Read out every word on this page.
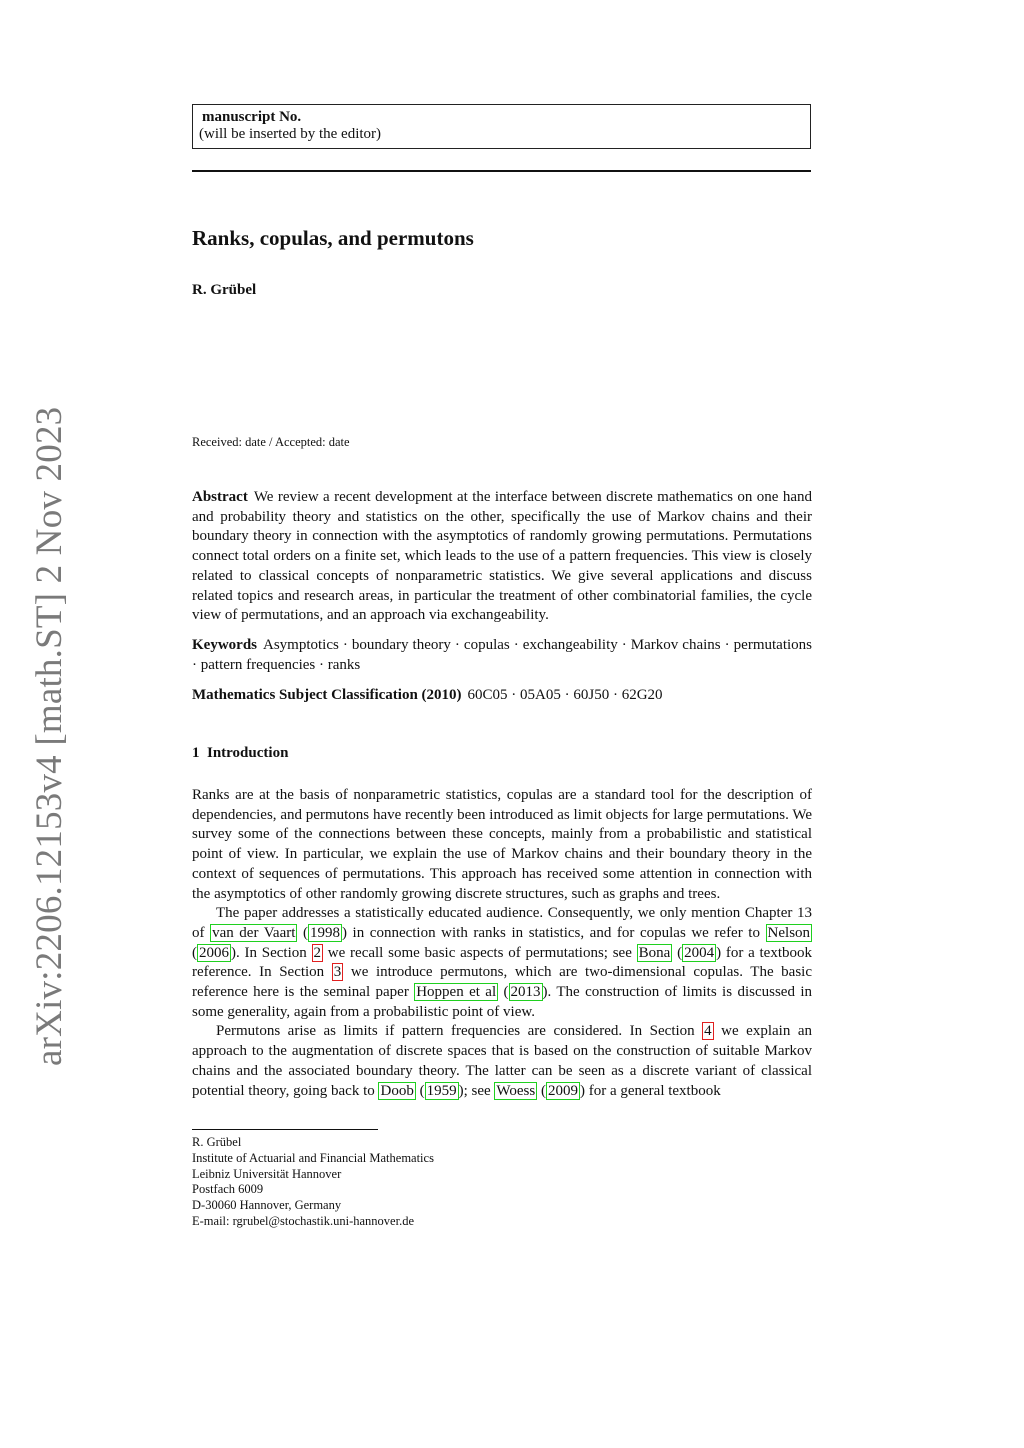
arXiv:2206.12153v4 [math.ST] 2 Nov 2023
manuscript No.
(will be inserted by the editor)
Ranks, copulas, and permutons
R. Grübel
Received: date / Accepted: date
Abstract We review a recent development at the interface between discrete mathematics on one hand and probability theory and statistics on the other, specifically the use of Markov chains and their boundary theory in connection with the asymptotics of randomly growing permutations. Permutations connect total orders on a finite set, which leads to the use of a pattern frequencies. This view is closely related to classical concepts of nonparametric statistics. We give several applications and discuss related topics and research areas, in particular the treatment of other combinatorial families, the cycle view of permutations, and an approach via exchangeability.
Keywords Asymptotics · boundary theory · copulas · exchangeability · Markov chains · permutations · pattern frequencies · ranks
Mathematics Subject Classification (2010) 60C05 · 05A05 · 60J50 · 62G20
1 Introduction

Ranks are at the basis of nonparametric statistics, copulas are a standard tool for the description of dependencies, and permutons have recently been introduced as limit objects for large permutations. We survey some of the connections between these concepts, mainly from a probabilistic and statistical point of view. In particular, we explain the use of Markov chains and their boundary theory in the context of sequences of permutations. This approach has received some attention in connection with the asymptotics of other randomly growing discrete structures, such as graphs and trees.

The paper addresses a statistically educated audience. Consequently, we only mention Chapter 13 of van der Vaart ( 1998 ) in connection with ranks in statistics, and for copulas we refer to Nelson ( 2006 ). In Section 2 we recall some basic aspects of permutations; see Bona ( 2004 ) for a textbook reference. In Section 3 we introduce permutons, which are two-dimensional copulas. The basic reference here is the seminal paper Hoppen et al ( 2013 ). The construction of limits is discussed in some generality, again from a probabilistic point of view.

Permutons arise as limits if pattern frequencies are considered. In Section 4 we explain an approach to the augmentation of discrete spaces that is based on the construction of suitable Markov chains and the associated boundary theory. The latter can be seen as a discrete variant of classical potential theory, going back to Doob ( 1959 ); see Woess ( 2009 ) for a general textbook

R. Grübel
Institute of Actuarial and Financial Mathematics
Leibniz Universität Hannover
Postfach 6009
D-30060 Hannover, Germany
E-mail: rgrubel@stochastik.uni-hannover.de
